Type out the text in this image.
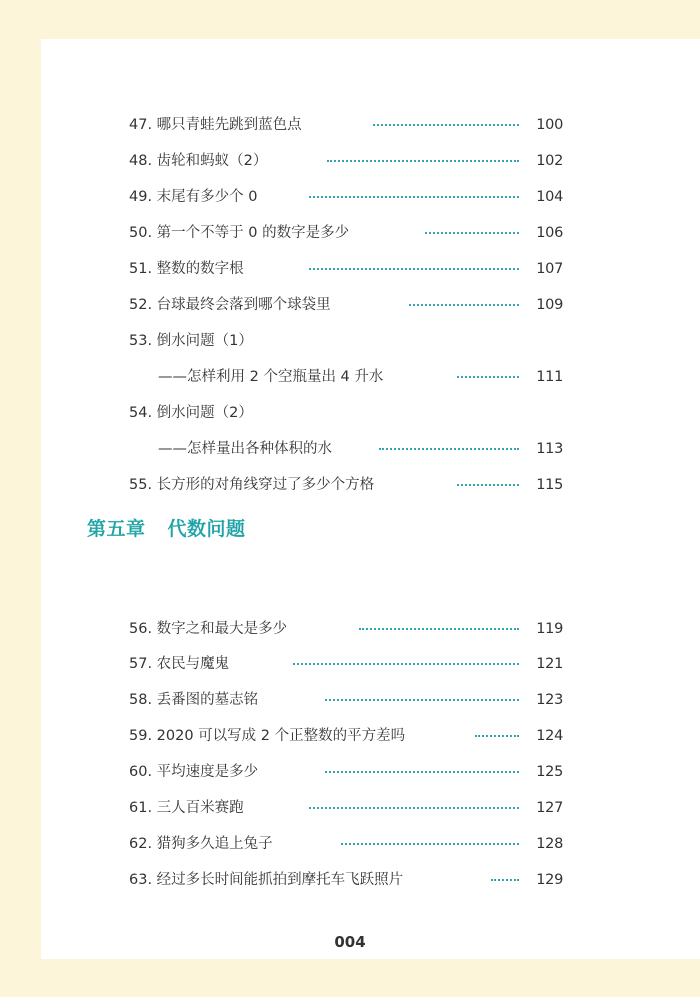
47. 哪只青蛙先跳到蓝色点	100
48. 齿轮和蚂蚁（2）	102
49. 末尾有多少个 0	104
50. 第一个不等于 0 的数字是多少	106
51. 整数的数字根	107
52. 台球最终会落到哪个球袋里	109
53. 倒水问题（1）
——怎样利用 2 个空瓶量出 4 升水	111
54. 倒水问题（2）
——怎样量出各种体积的水	113
55. 长方形的对角线穿过了多少个方格	115
第五章 代数问题
56. 数字之和最大是多少	119
57. 农民与魔鬼	121
58. 丢番图的墓志铭	123
59. 2020 可以写成 2 个正整数的平方差吗	124
60. 平均速度是多少	125
61. 三人百米赛跑	127
62. 猎狗多久追上兔子	128
63. 经过多长时间能抓拍到摩托车飞跃照片	129
004
